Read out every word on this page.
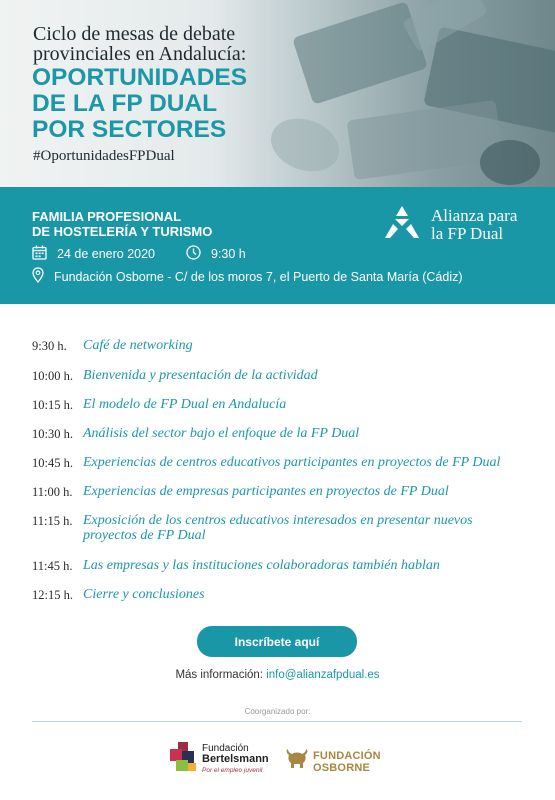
Ciclo de mesas de debate
provinciales en Andalucía:
OPORTUNIDADES
DE LA FP DUAL
POR SECTORES
#OportunidadesFPDual
FAMILIA PROFESIONAL
DE HOSTELERÍA Y TURISMO
24 de enero 2020	9:30 h
Fundación Osborne - C/ de los moros 7, el Puerto de Santa María (Cádiz)
Alianza para
la FP Dual
9:30 h.	Café de networking
10:00 h. Bienvenida y presentación de la actividad
10:15 h. El modelo de FP Dual en Andalucía
10:30 h. Análisis del sector bajo el enfoque de la FP Dual
10:45 h. Experiencias de centros educativos participantes en proyectos de FP Dual
11:00 h. Experiencias de empresas participantes en proyectos de FP Dual
11:15 h. Exposición de los centros educativos interesados en presentar nuevos proyectos de FP Dual
11:45 h. Las empresas y las instituciones colaboradoras también hablan
12:15 h. Cierre y conclusiones
Inscríbete aquí
Más información: info@alianzafpdual.es
Coorganizado por:
Fundación
Bertelsmann
Por el empleo juvenil
FUNDACIÓN
OSBORNE
